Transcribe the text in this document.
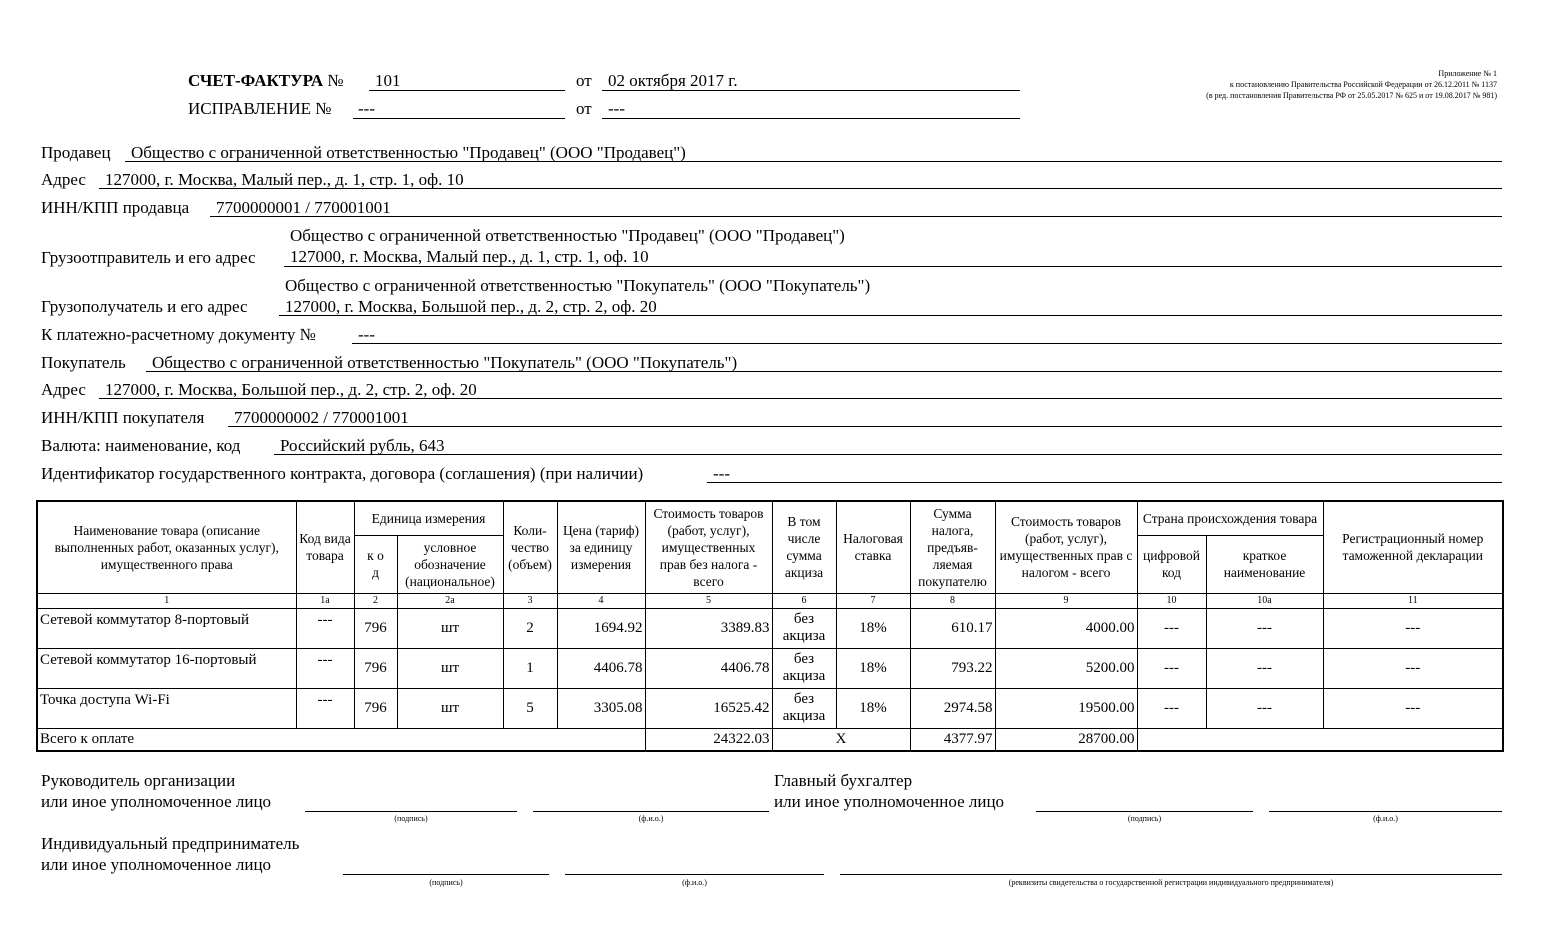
СЧЕТ-ФАКТУРА № 101	от 02 октября 2017 г.
ИСПРАВЛЕНИЕ № ---	от ---
Приложение № 1
к постановлению Правительства Российской Федерации от 26.12.2011 № 1137
(в ред. постановления Правительства РФ от 25.05.2017 № 625 и от 19.08.2017 № 981)
Продавец Общество с ограниченной ответственностью "Продавец" (ООО "Продавец")
Адрес 127000, г. Москва, Малый пер., д. 1, стр. 1, оф. 10
ИНН/КПП продавца 7700000001 / 770001001
Общество с ограниченной ответственностью "Продавец" (ООО "Продавец")
Грузоотправитель и его адрес 127000, г. Москва, Малый пер., д. 1, стр. 1, оф. 10
Общество с ограниченной ответственностью "Покупатель" (ООО "Покупатель")
Грузополучатель и его адрес 127000, г. Москва, Большой пер., д. 2, стр. 2, оф. 20
К платежно-расчетному документу № ---
Покупатель Общество с ограниченной ответственностью "Покупатель" (ООО "Покупатель")
Адрес 127000, г. Москва, Большой пер., д. 2, стр. 2, оф. 20
ИНН/КПП покупателя 7700000002 / 770001001
Валюта: наименование, код Российский рубль, 643
Идентификатор государственного контракта, договора (соглашения) (при наличии)	---
Наименование товара (описание выполненных работ, оказанных услуг), имущественного права	Код вида товара	Единица измерения		Коли-чество (объем)	Цена (тариф) за единицу измерения	Стоимость товаров (работ, услуг), имущественных прав без налога - всего	В том числе сумма акциза	Налоговая ставка	Сумма налога, предъяв-ляемая покупателю	Стоимость товаров (работ, услуг), имущественных прав с налогом - всего	Страна происхождения товара		Регистрационный номер таможенной декларации
		к о д	условное обозначение (национальное)								цифровой код	краткое наименование	
1	1а	2	2а	3	4	5	6	7	8	9	10	10а	11
Сетевой коммутатор 8-портовый	---	796	шт	2	1694.92	3389.83	без акциза	18%	610.17	4000.00	---	---	---
Сетевой коммутатор 16-портовый	---	796	шт	1	4406.78	4406.78	без акциза	18%	793.22	5200.00	---	---	---
Точка доступа Wi-Fi	---	796	шт	5	3305.08	16525.42	без акциза	18%	2974.58	19500.00	---	---	---
Всего к оплате						24322.03	X		4377.97	28700.00			
Руководитель организации
или иное уполномоченное лицо
(подпись)	(ф.и.о.)
Главный бухгалтер
или иное уполномоченное лицо
(подпись)	(ф.и.о.)
Индивидуальный предприниматель
или иное уполномоченное лицо
(подпись)	(ф.и.о.)	(реквизиты свидетельства о государственной регистрации индивидуального предпринимателя)
